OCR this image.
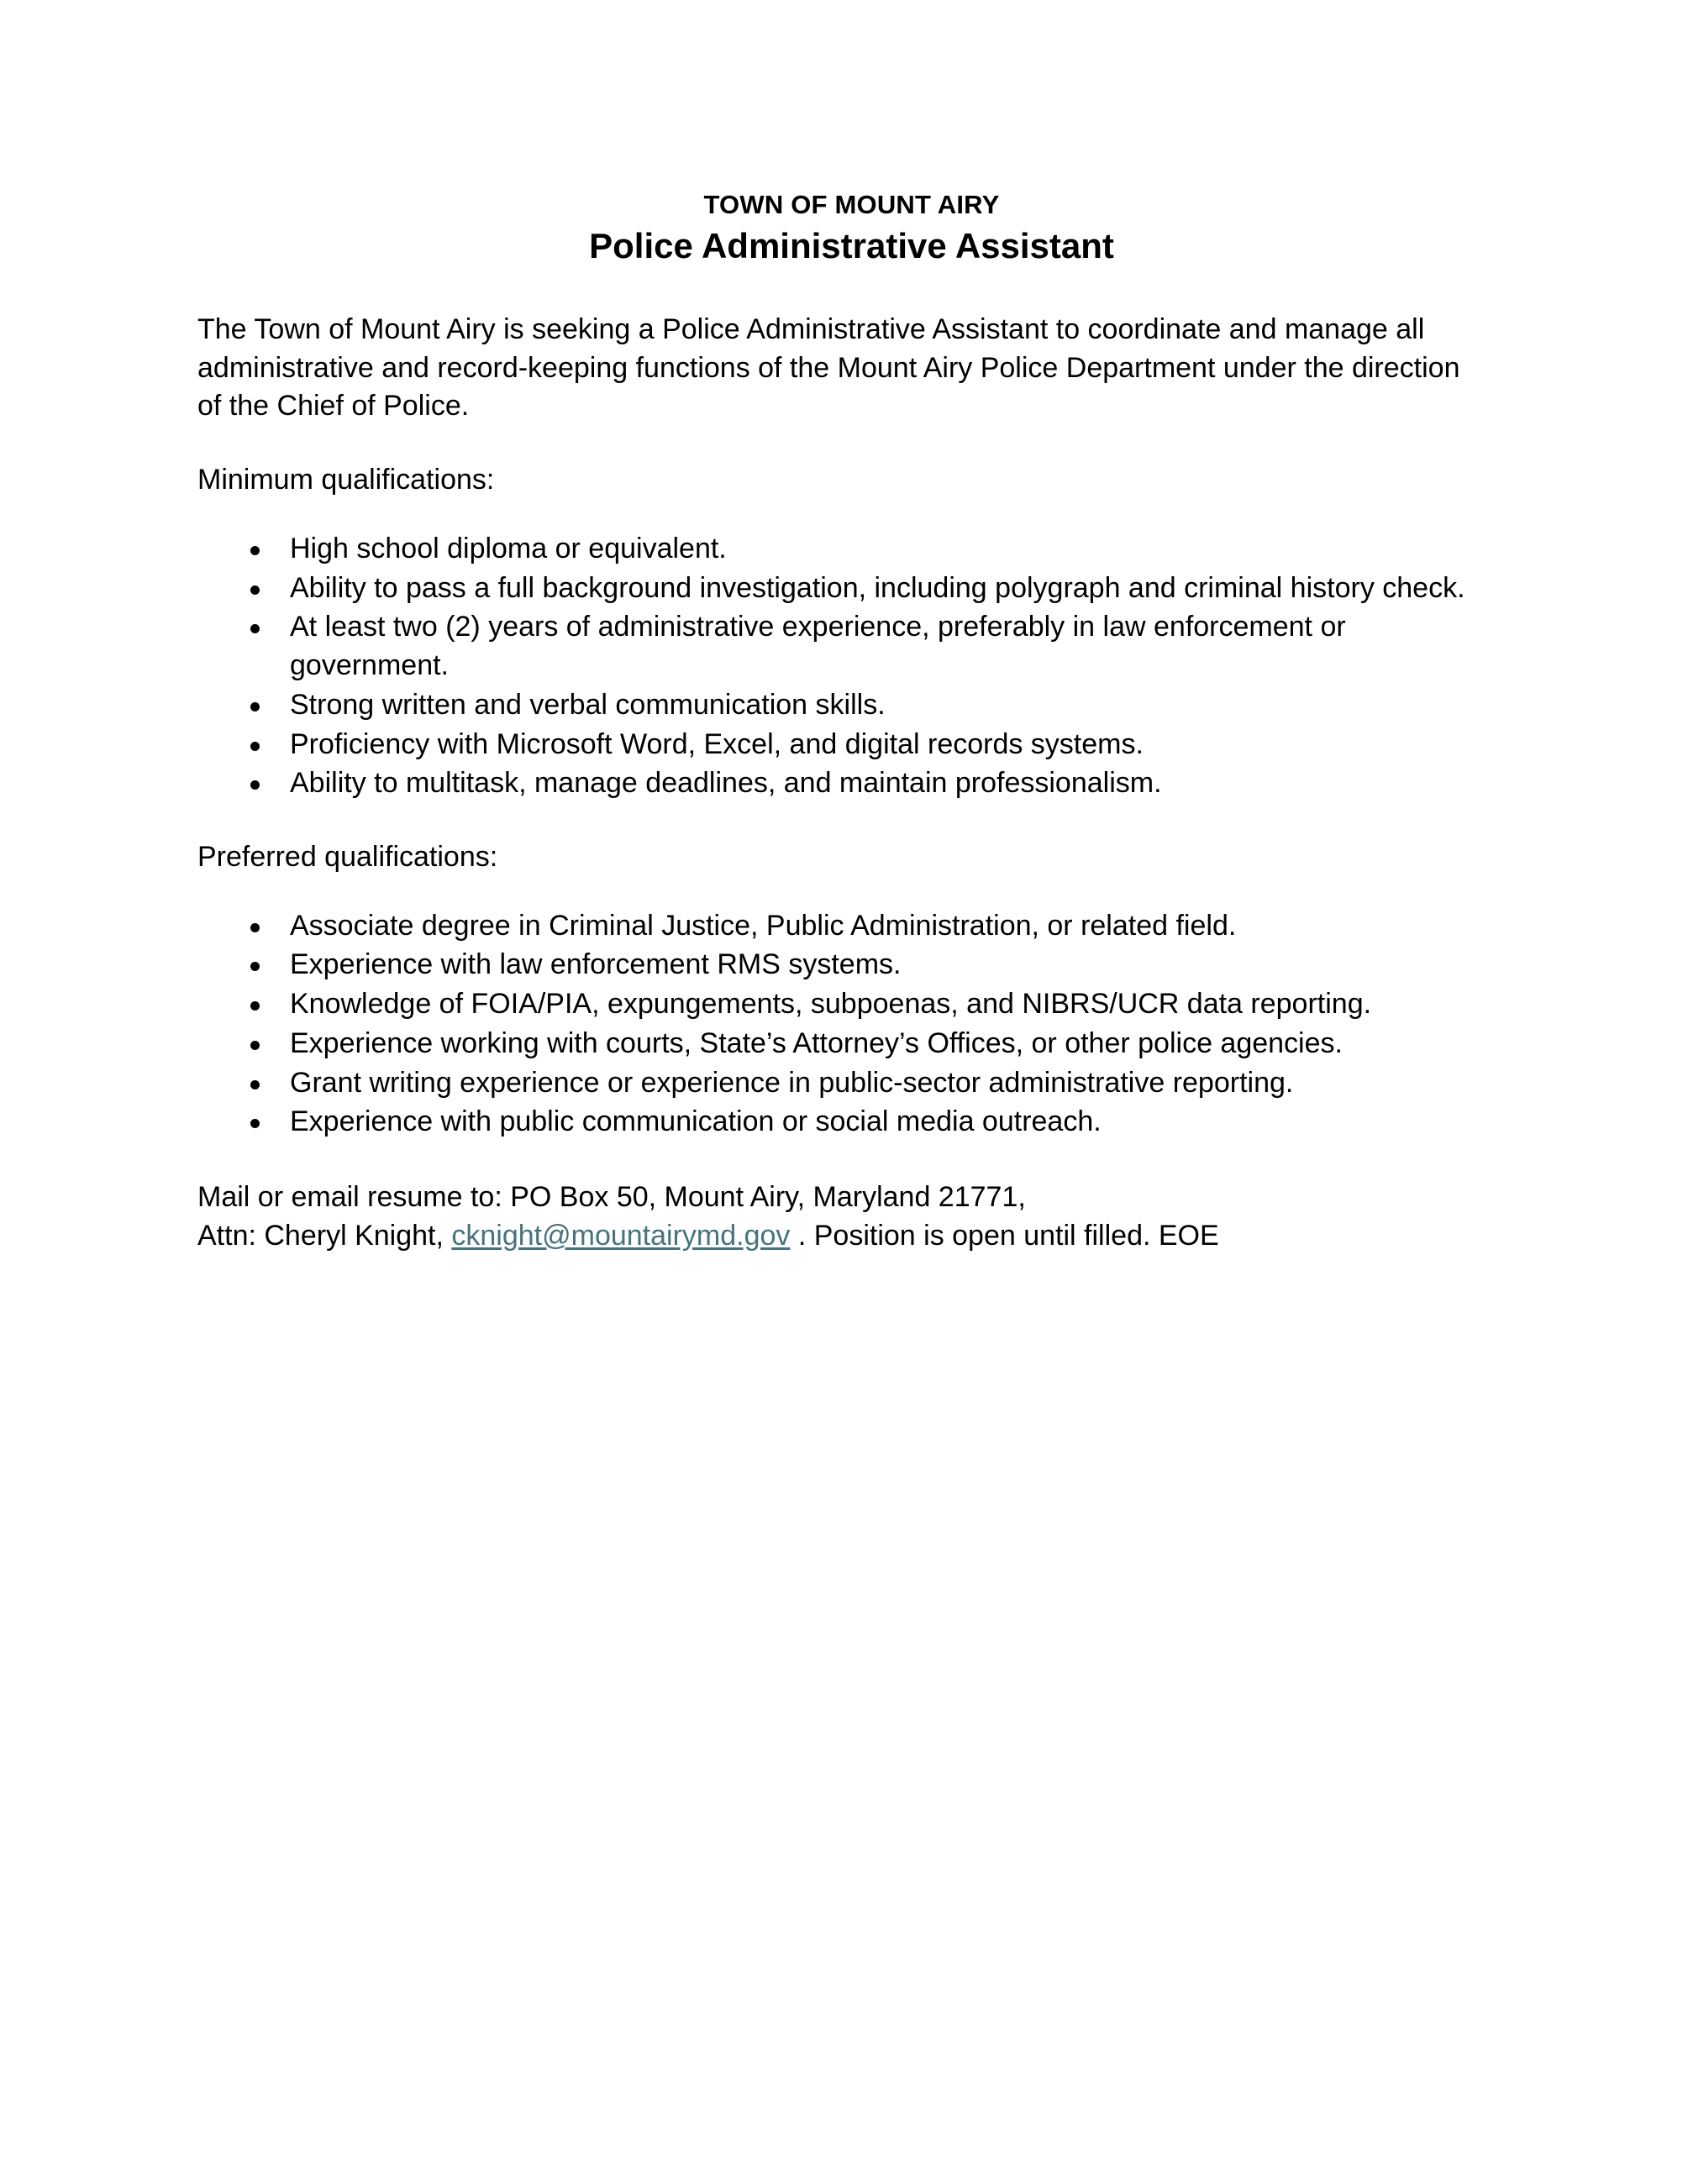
TOWN OF MOUNT AIRY
Police Administrative Assistant

The Town of Mount Airy is seeking a Police Administrative Assistant to coordinate and manage all administrative and record-keeping functions of the Mount Airy Police Department under the direction of the Chief of Police.

Minimum qualifications:

High school diploma or equivalent.
Ability to pass a full background investigation, including polygraph and criminal history check.
At least two (2) years of administrative experience, preferably in law enforcement or government.
Strong written and verbal communication skills.
Proficiency with Microsoft Word, Excel, and digital records systems.
Ability to multitask, manage deadlines, and maintain professionalism.

Preferred qualifications:

Associate degree in Criminal Justice, Public Administration, or related field.
Experience with law enforcement RMS systems.
Knowledge of FOIA/PIA, expungements, subpoenas, and NIBRS/UCR data reporting.
Experience working with courts, State’s Attorney’s Offices, or other police agencies.
Grant writing experience or experience in public-sector administrative reporting.
Experience with public communication or social media outreach.
Mail or email resume to: PO Box 50, Mount Airy, Maryland 21771,
Attn: Cheryl Knight, cknight@mountairymd.gov . Position is open until filled. EOE
